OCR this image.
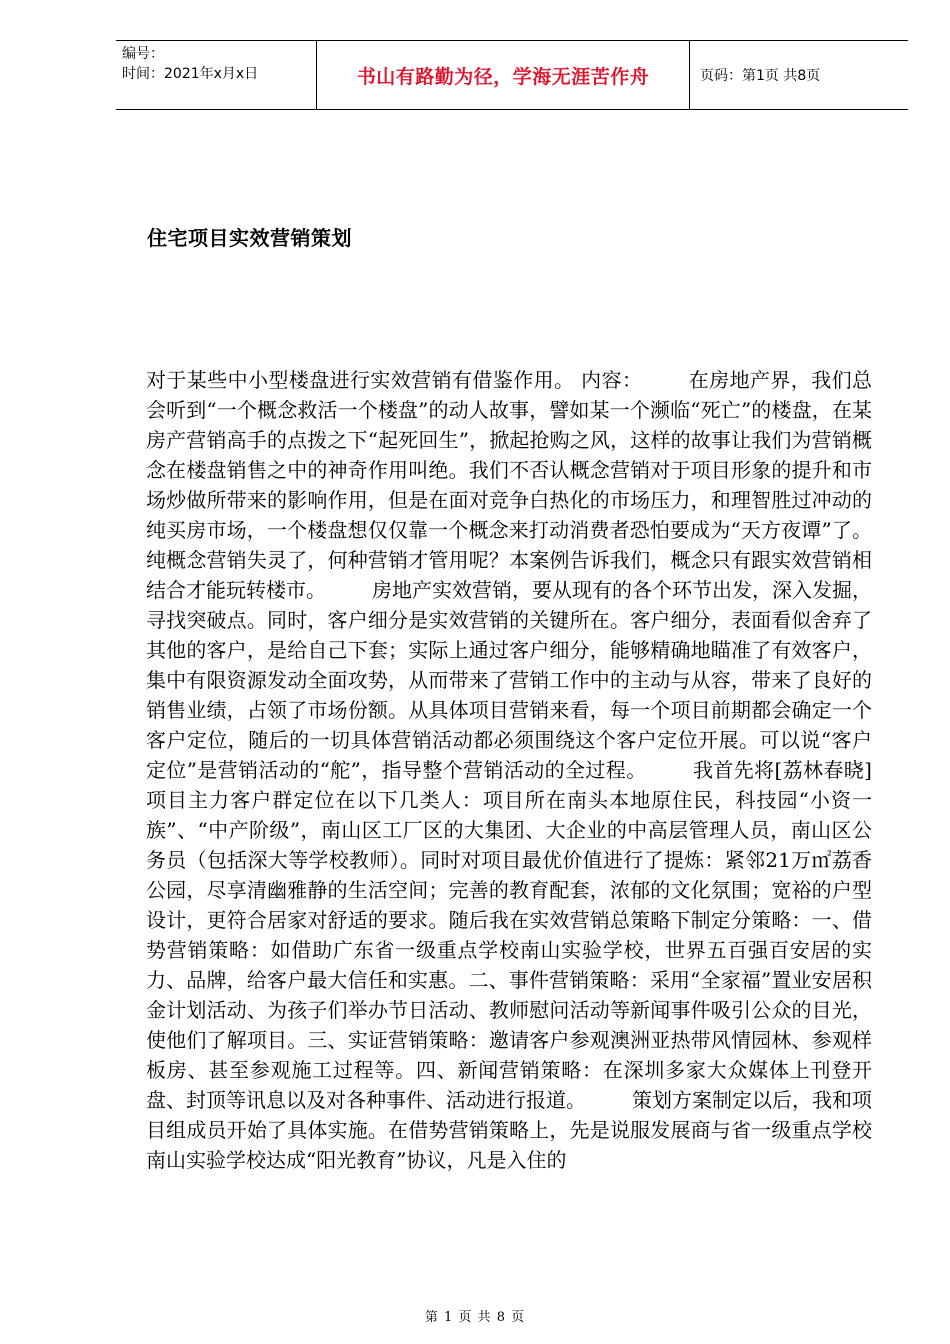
编号：
时间：2021年x月x日	书山有路勤为径，学海无涯苦作舟	页码：第1页 共8页
住宅项目实效营销策划

对于某些中小型楼盘进行实效营销有借鉴作用。 内容： 在房地产界，我们总会听到“一个概念救活一个楼盘”的动人故事，譬如某一个濒临“死亡”的楼盘，在某房产营销高手的点拨之下“起死回生”，掀起抢购之风，这样的故事让我们为营销概念在楼盘销售之中的神奇作用叫绝。我们不否认概念营销对于项目形象的提升和市场炒做所带来的影响作用，但是在面对竞争白热化的市场压力，和理智胜过冲动的纯买房市场，一个楼盘想仅仅靠一个概念来打动消费者恐怕要成为“天方夜谭”了。纯概念营销失灵了，何种营销才管用呢？本案例告诉我们，概念只有跟实效营销相结合才能玩转楼市。 房地产实效营销，要从现有的各个环节出发，深入发掘，寻找突破点。同时，客户细分是实效营销的关键所在。客户细分，表面看似舍弃了其他的客户，是给自己下套；实际上通过客户细分，能够精确地瞄准了有效客户，集中有限资源发动全面攻势，从而带来了营销工作中的主动与从容，带来了良好的销售业绩，占领了市场份额。从具体项目营销来看，每一个项目前期都会确定一个客户定位，随后的一切具体营销活动都必须围绕这个客户定位开展。可以说“客户定位”是营销活动的“舵”，指导整个营销活动的全过程。 我首先将[荔林春晓]项目主力客户群定位在以下几类人：项目所在南头本地原住民，科技园“小资一族”、“中产阶级”，南山区工厂区的大集团、大企业的中高层管理人员，南山区公务员（包括深大等学校教师）。同时对项目最优价值进行了提炼：紧邻21万㎡荔香公园，尽享清幽雅静的生活空间；完善的教育配套，浓郁的文化氛围；宽裕的户型设计，更符合居家对舒适的要求。随后我在实效营销总策略下制定分策略：一、借势营销策略：如借助广东省一级重点学校南山实验学校，世界五百强百安居的实力、品牌，给客户最大信任和实惠。二、事件营销策略：采用“全家福”置业安居积金计划活动、为孩子们举办节日活动、教师慰问活动等新闻事件吸引公众的目光，使他们了解项目。三、实证营销策略：邀请客户参观澳洲亚热带风情园林、参观样板房、甚至参观施工过程等。四、新闻营销策略：在深圳多家大众媒体上刊登开盘、封顶等讯息以及对各种事件、活动进行报道。 策划方案制定以后，我和项目组成员开始了具体实施。在借势营销策略上，先是说服发展商与省一级重点学校南山实验学校达成“阳光教育”协议，凡是入住的

第 1 页 共 8 页
